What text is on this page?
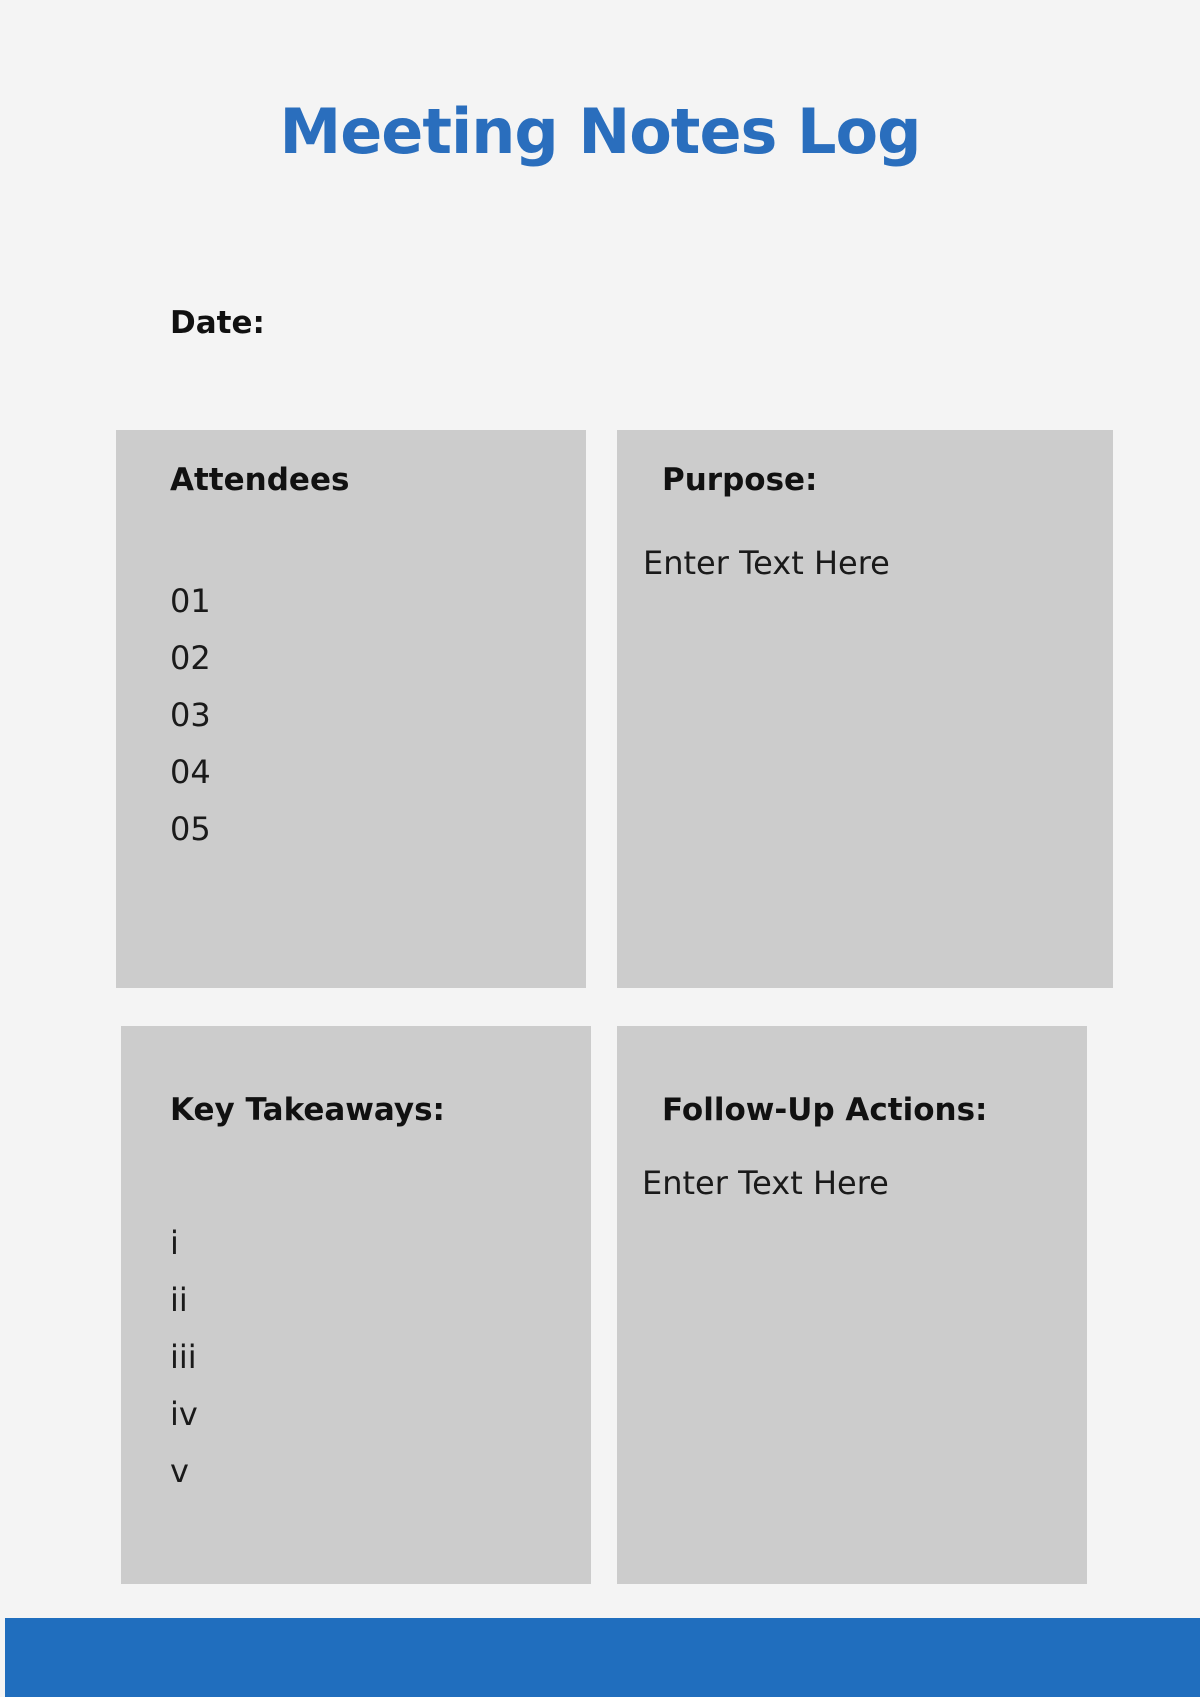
Meeting Notes Log
Date:
Attendees
01
02
03
04
05
Purpose:
Enter Text Here
Key Takeaways:
i
ii
iii
iv
v
Follow-Up Actions:
Enter Text Here
